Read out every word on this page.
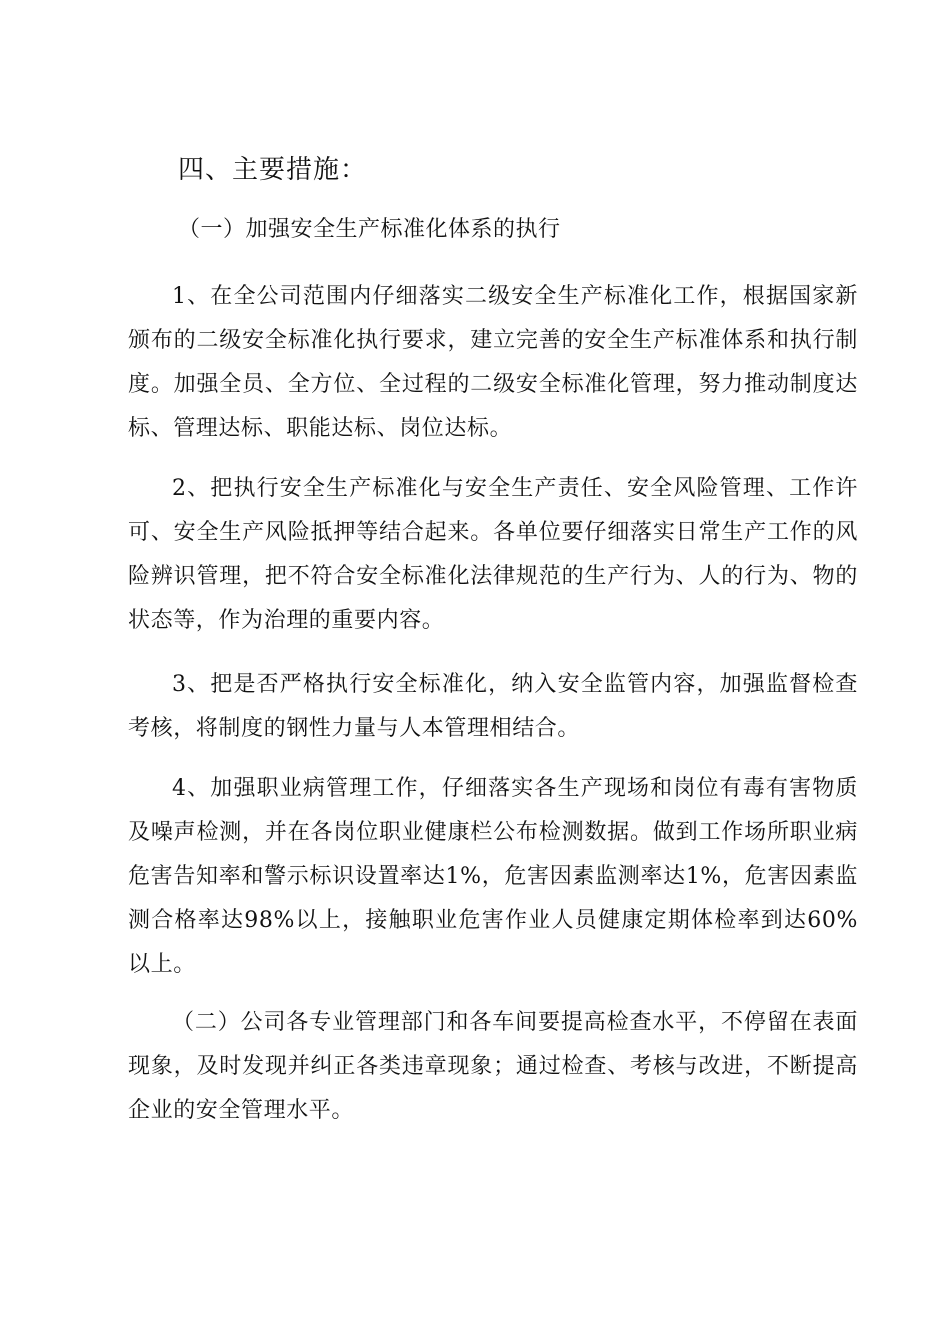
四、主要措施：
（一）加强安全生产标准化体系的执行

1、在全公司范围内仔细落实二级安全生产标准化工作，根据国家新颁布的二级安全标准化执行要求，建立完善的安全生产标准体系和执行制度。加强全员、全方位、全过程的二级安全标准化管理，努力推动制度达标、管理达标、职能达标、岗位达标。

2、把执行安全生产标准化与安全生产责任、安全风险管理、工作许可、安全生产风险抵押等结合起来。各单位要仔细落实日常生产工作的风险辨识管理，把不符合安全标准化法律规范的生产行为、人的行为、物的状态等，作为治理的重要内容。

3、把是否严格执行安全标准化，纳入安全监管内容，加强监督检查考核，将制度的钢性力量与人本管理相结合。

4、加强职业病管理工作，仔细落实各生产现场和岗位有毒有害物质及噪声检测，并在各岗位职业健康栏公布检测数据。做到工作场所职业病危害告知率和警示标识设置率达1%，危害因素监测率达1%，危害因素监测合格率达98%以上，接触职业危害作业人员健康定期体检率到达60%以上。

（二）公司各专业管理部门和各车间要提高检查水平，不停留在表面现象，及时发现并纠正各类违章现象；通过检查、考核与改进，不断提高企业的安全管理水平。
